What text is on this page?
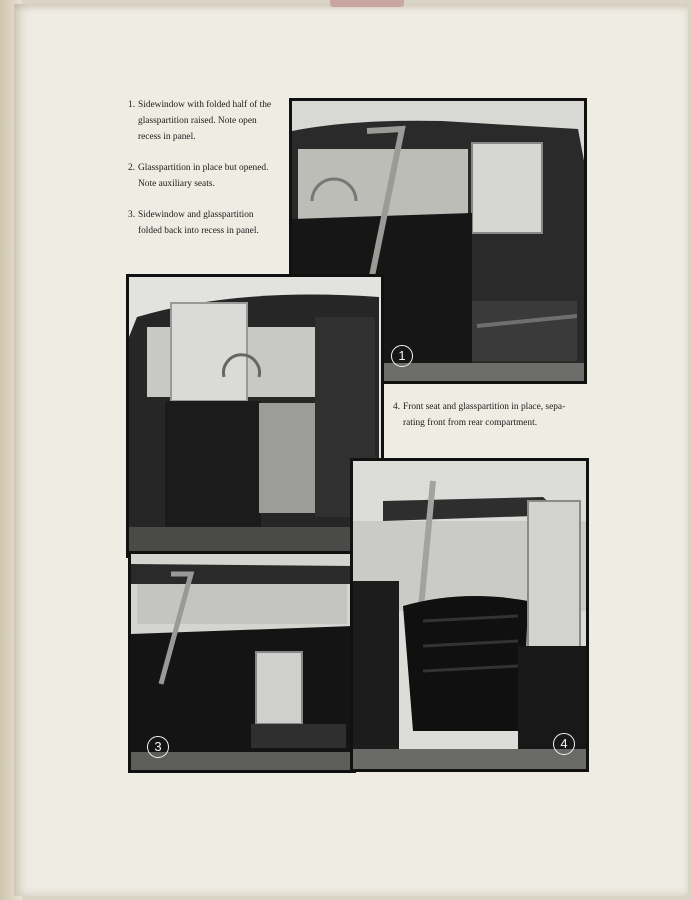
1. Sidewindow with folded half of the
glasspartition raised. Note open
recess in panel.
2. Glasspartition in place but opened.
Note auxiliary seats.
3. Sidewindow and glasspartition
folded back into recess in panel.
4. Front seat and glasspartition in place, sepa-
rating front from rear compartment.
1
3	4
